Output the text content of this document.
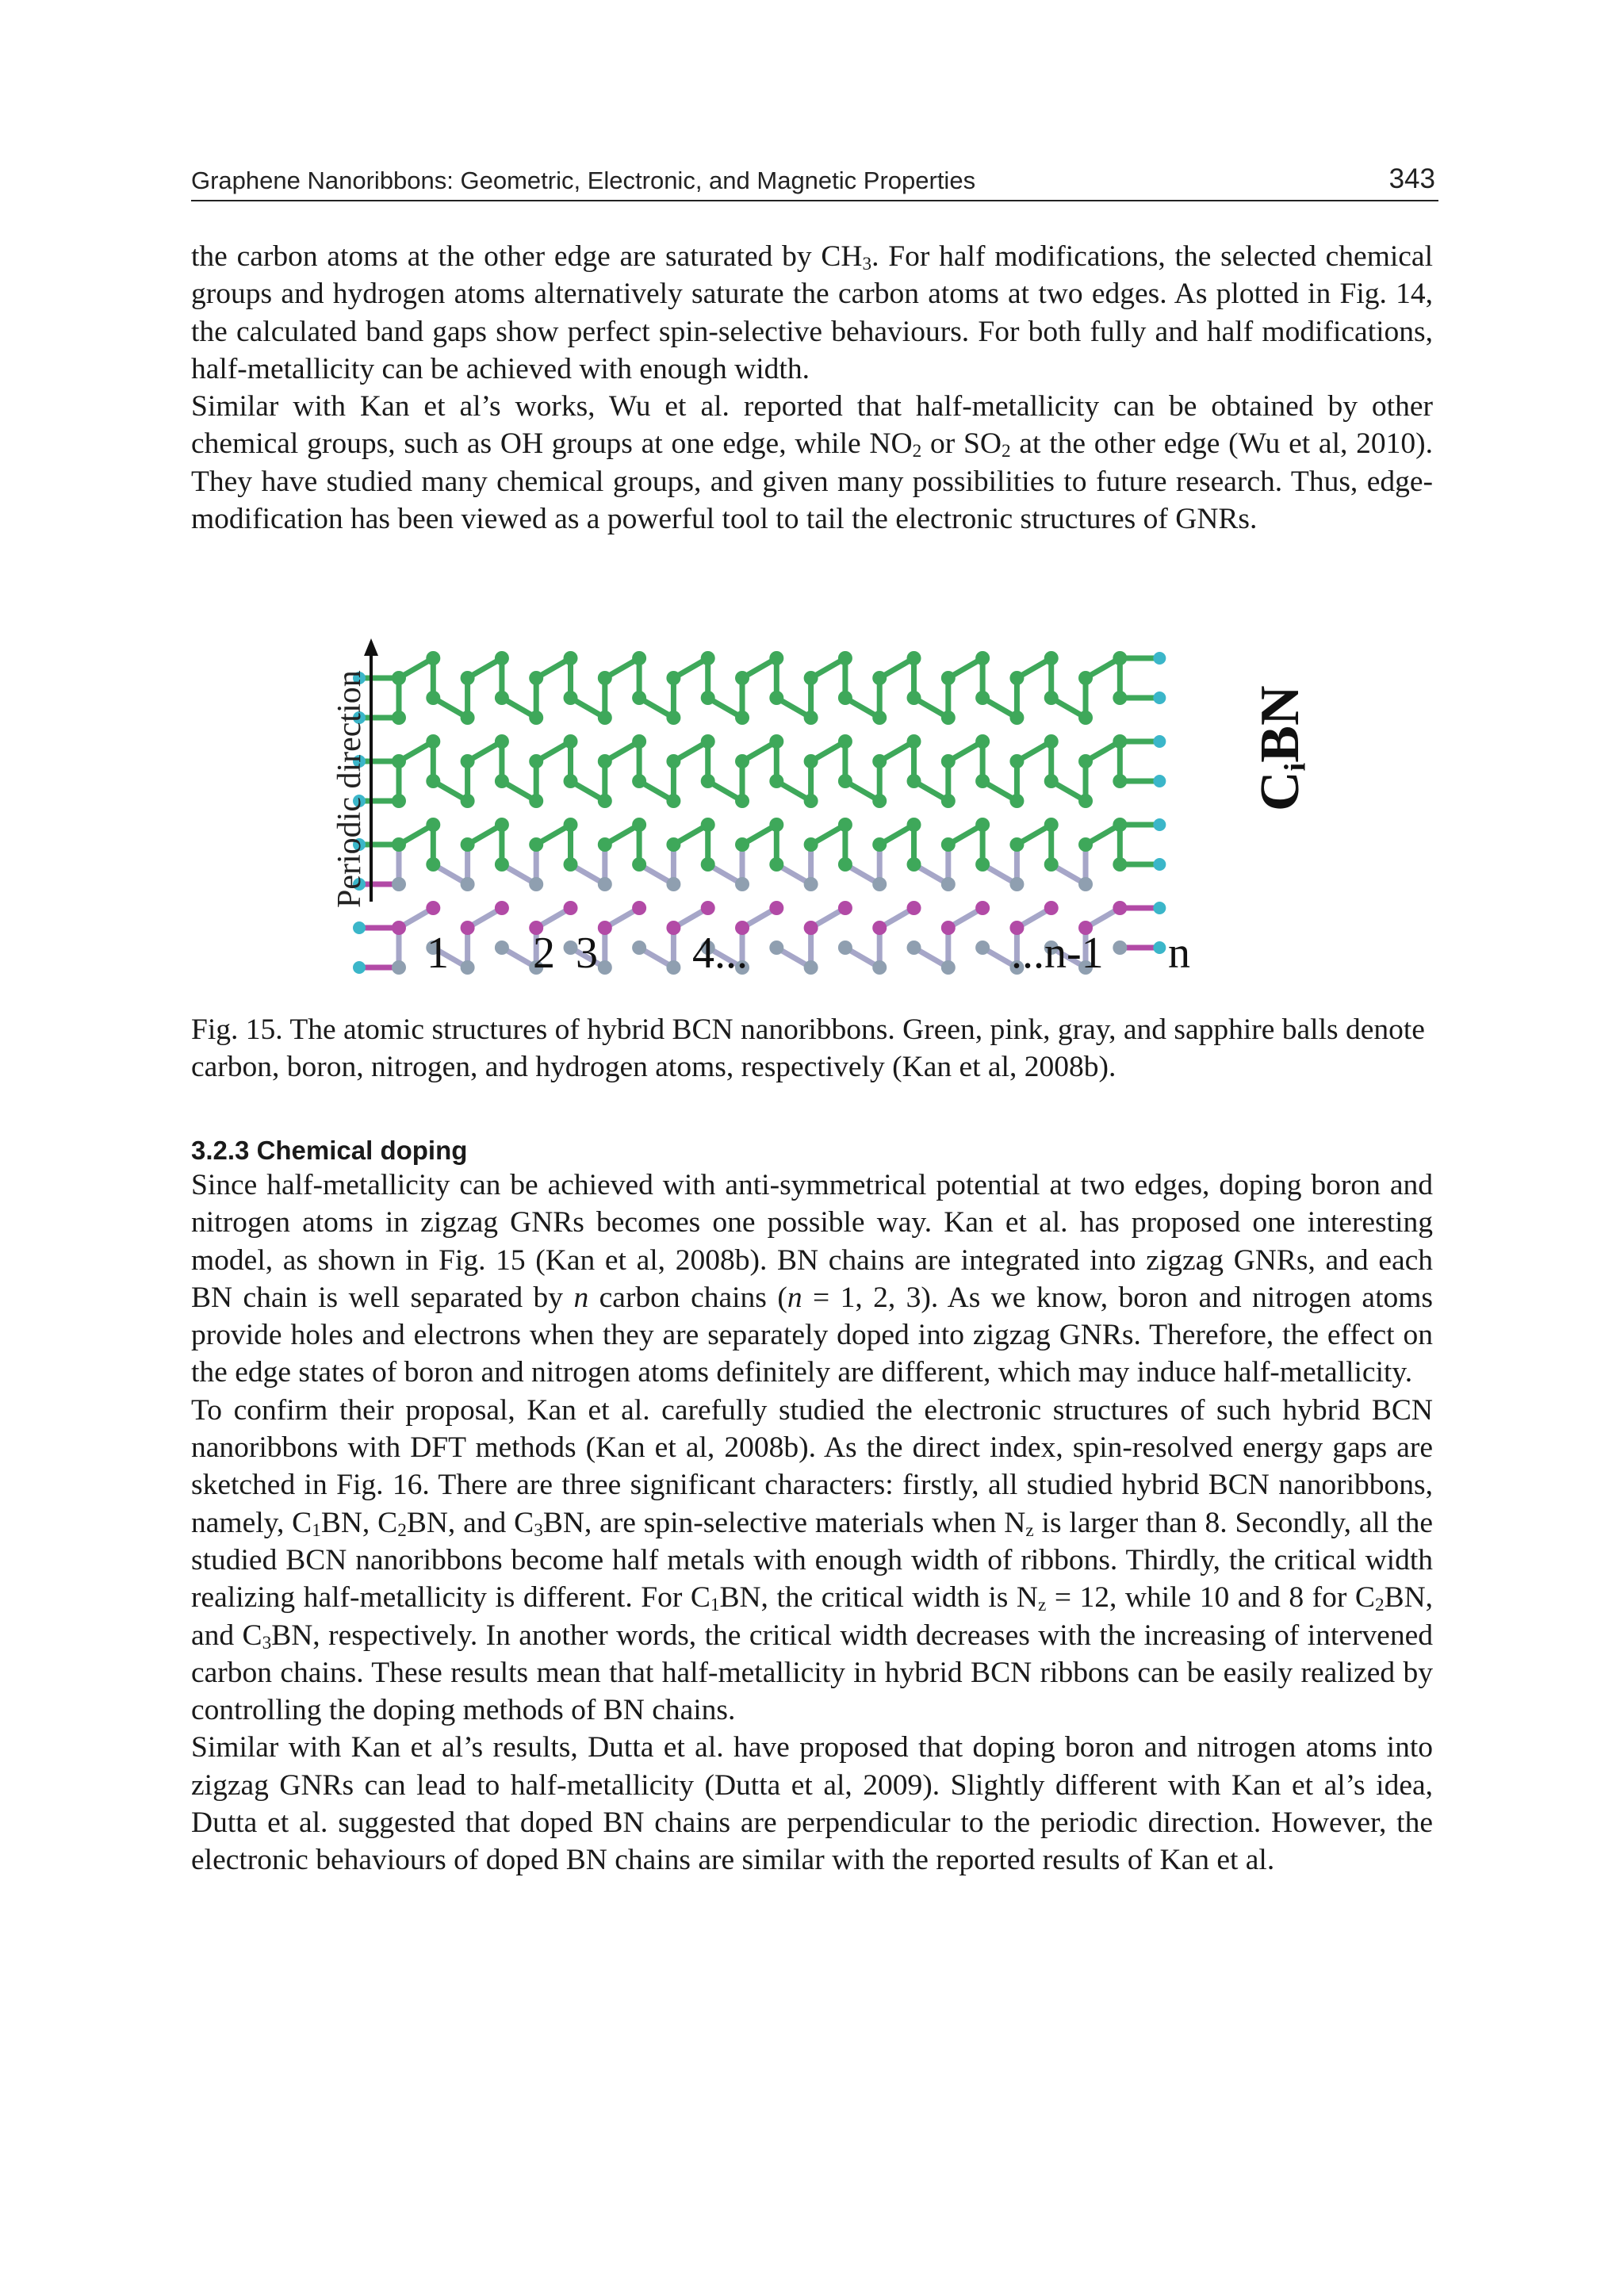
Graphene Nanoribbons: Geometric, Electronic, and Magnetic Properties	343

the carbon atoms at the other edge are saturated by $CH_3$. For half modifications, the selected chemical groups and hydrogen atoms alternatively saturate the carbon atoms at two edges. As plotted in Fig. 14, the calculated band gaps show perfect spin-selective behaviours. For both fully and half modifications, half-metallicity can be achieved with enough width.

Similar with Kan et al’s works, Wu et al. reported that half-metallicity can be obtained by other chemical groups, such as OH groups at one edge, while $NO_2$ or $SO_2$ at the other edge (Wu et al, 2010). They have studied many chemical groups, and given many possibilities to future research. Thus, edge-modification has been viewed as a powerful tool to tail the electronic structures of GNRs.

Periodic direction	$C_iBN$
1 2 3 4...	...n-1 n
Fig. 15. The atomic structures of hybrid BCN nanoribbons. Green, pink, gray, and sapphire balls denote carbon, boron, nitrogen, and hydrogen atoms, respectively (Kan et al, 2008b).
3.2.3 Chemical doping

Since half-metallicity can be achieved with anti-symmetrical potential at two edges, doping boron and nitrogen atoms in zigzag GNRs becomes one possible way. Kan et al. has proposed one interesting model, as shown in Fig. 15 (Kan et al, 2008b). BN chains are integrated into zigzag GNRs, and each BN chain is well separated by n carbon chains (n = 1, 2, 3). As we know, boron and nitrogen atoms provide holes and electrons when they are separately doped into zigzag GNRs. Therefore, the effect on the edge states of boron and nitrogen atoms definitely are different, which may induce half-metallicity.

To confirm their proposal, Kan et al. carefully studied the electronic structures of such hybrid BCN nanoribbons with DFT methods (Kan et al, 2008b). As the direct index, spin-resolved energy gaps are sketched in Fig. 16. There are three significant characters: firstly, all studied hybrid BCN nanoribbons, namely, $C_1BN$, $C_2BN$, and $C_3BN$, are spin-selective materials when $N_z$ is larger than 8. Secondly, all the studied BCN nanoribbons become half metals with enough width of ribbons. Thirdly, the critical width realizing half-metallicity is different. For $C_1BN$, the critical width is $N_z = 12$, while 10 and 8 for $C_2BN$, and $C_3BN$, respectively. In another words, the critical width decreases with the increasing of intervened carbon chains. These results mean that half-metallicity in hybrid BCN ribbons can be easily realized by controlling the doping methods of BN chains.

Similar with Kan et al’s results, Dutta et al. have proposed that doping boron and nitrogen atoms into zigzag GNRs can lead to half-metallicity (Dutta et al, 2009). Slightly different with Kan et al’s idea, Dutta et al. suggested that doped BN chains are perpendicular to the periodic direction. However, the electronic behaviours of doped BN chains are similar with the reported results of Kan et al.
